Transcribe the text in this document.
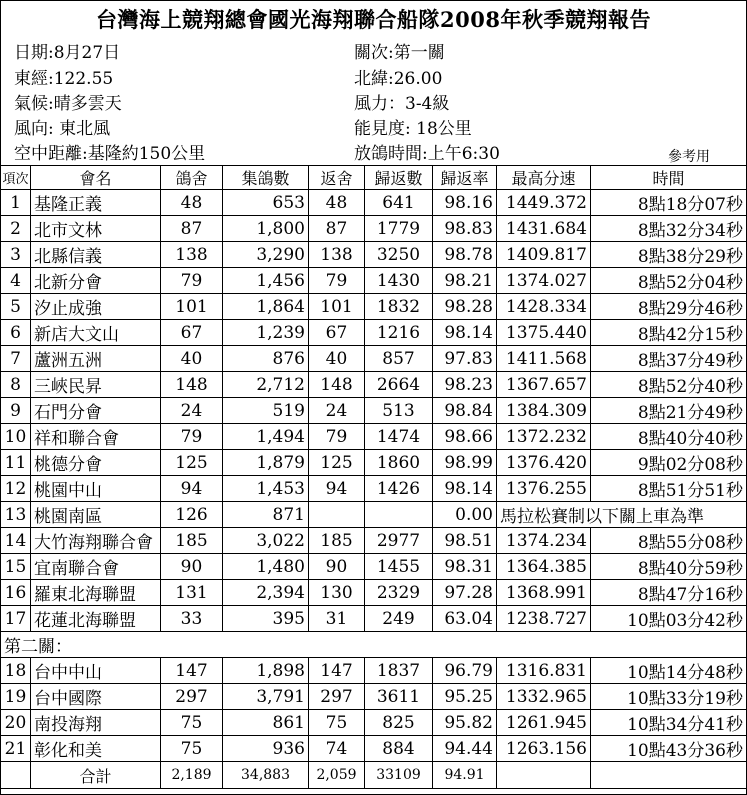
台灣海上競翔總會國光海翔聯合船隊2008年秋季競翔報告
日期:8月27日	關次:第一關
東經:122.55	北緯:26.00
氣候:晴多雲天	風力：3-4級
風向: 東北風	能見度: 18公里
空中距離:基隆約150公里	放鴿時間:上午6:30	參考用
項次	會名	鴿舍	集鴿數	返舍	歸返數	歸返率	最高分速	時間
1	基隆正義	48	653	48	641	98.16	1449.372	8點18分07秒
2	北市文林	87	1,800	87	1779	98.83	1431.684	8點32分34秒
3	北縣信義	138	3,290	138	3250	98.78	1409.817	8點38分29秒
4	北新分會	79	1,456	79	1430	98.21	1374.027	8點52分04秒
5	汐止成強	101	1,864	101	1832	98.28	1428.334	8點29分46秒
6	新店大文山	67	1,239	67	1216	98.14	1375.440	8點42分15秒
7	蘆洲五洲	40	876	40	857	97.83	1411.568	8點37分49秒
8	三峽民昇	148	2,712	148	2664	98.23	1367.657	8點52分40秒
9	石門分會	24	519	24	513	98.84	1384.309	8點21分49秒
10	祥和聯合會	79	1,494	79	1474	98.66	1372.232	8點40分40秒
11	桃德分會	125	1,879	125	1860	98.99	1376.420	9點02分08秒
12	桃園中山	94	1,453	94	1426	98.14	1376.255	8點51分51秒
13	桃園南區	126	871			0.00	馬拉松賽制以下關上車為準	
14	大竹海翔聯合會	185	3,022	185	2977	98.51	1374.234	8點55分08秒
15	宜南聯合會	90	1,480	90	1455	98.31	1364.385	8點40分59秒
16	羅東北海聯盟	131	2,394	130	2329	97.28	1368.991	8點47分16秒
17	花蓮北海聯盟	33	395	31	249	63.04	1238.727	10點03分42秒
第二關：								
18	台中中山	147	1,898	147	1837	96.79	1316.831	10點14分48秒
19	台中國際	297	3,791	297	3611	95.25	1332.965	10點33分19秒
20	南投海翔	75	861	75	825	95.82	1261.945	10點34分41秒
21	彰化和美	75	936	74	884	94.44	1263.156	10點43分36秒
	合計	2,189	34,883	2,059	33109	94.91		
